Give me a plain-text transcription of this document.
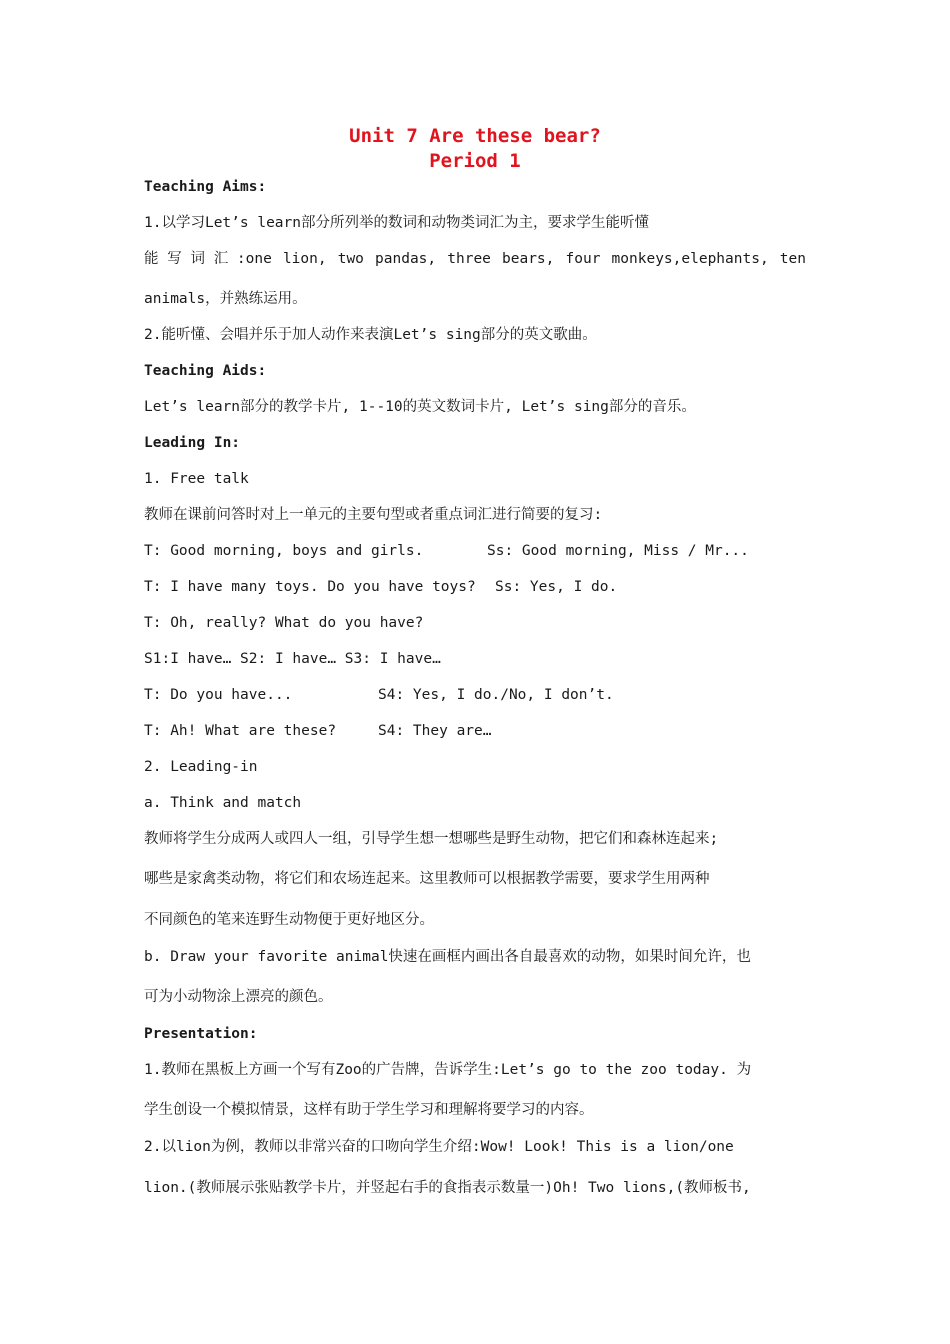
Unit 7 Are these bear?
Period 1
Teaching Aims:
1.以学习Let’s learn部分所列举的数词和动物类词汇为主，要求学生能听懂
能 写 词 汇 :one lion, two pandas, three bears, four monkeys,elephants, ten
animals，并熟练运用。
2.能听懂、会唱并乐于加人动作来表演Let’s sing部分的英文歌曲。
Teaching Aids:
Let’s learn部分的教学卡片, 1--10的英文数词卡片, Let’s sing部分的音乐。
Leading In:
1. Free talk
教师在课前问答时对上一单元的主要句型或者重点词汇进行简要的复习:
T: Good morning, boys and girls.	Ss: Good morning, Miss / Mr...
T: I have many toys. Do you have toys? Ss: Yes, I do.
T: Oh, really? What do you have?
S1:I have… S2: I have… S3: I have…
T: Do you have...	S4: Yes, I do./No, I don’t.
T: Ah! What are these?	S4: They are…
2. Leading-in
a. Think and match
教师将学生分成两人或四人一组，引导学生想一想哪些是野生动物，把它们和森林连起来;
哪些是家禽类动物，将它们和农场连起来。这里教师可以根据教学需要，要求学生用两种
不同颜色的笔来连野生动物便于更好地区分。
b. Draw your favorite animal快速在画框内画出各自最喜欢的动物，如果时间允许，也
可为小动物涂上漂亮的颜色。
Presentation:
1.教师在黑板上方画一个写有Zoo的广告牌，告诉学生:Let’s go to the zoo today. 为
学生创设一个模拟情景，这样有助于学生学习和理解将要学习的内容。
2.以lion为例，教师以非常兴奋的口吻向学生介绍:Wow! Look! This is a lion/one
lion.(教师展示张贴教学卡片，并竖起右手的食指表示数量一)Oh! Two lions,(教师板书,
